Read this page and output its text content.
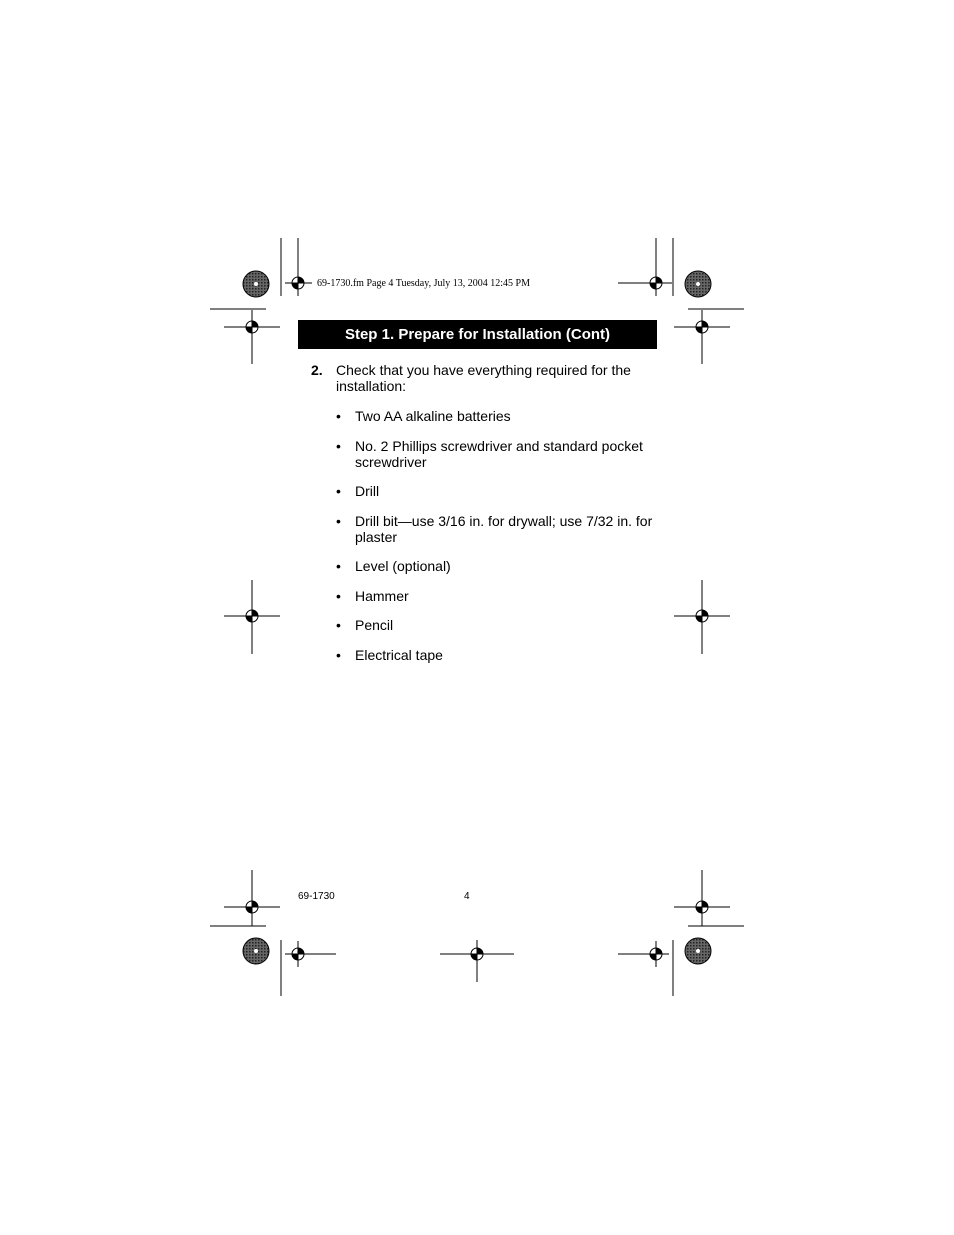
69-1730.fm Page 4 Tuesday, July 13, 2004 12:45 PM
Step 1. Prepare for Installation (Cont)
2. Check that you have everything required for the installation:
• Two AA alkaline batteries
• No. 2 Phillips screwdriver and standard pocket screwdriver
• Drill
• Drill bit—use 3/16 in. for drywall; use 7/32 in. for plaster
• Level (optional)
• Hammer
• Pencil
• Electrical tape
69-1730	4
